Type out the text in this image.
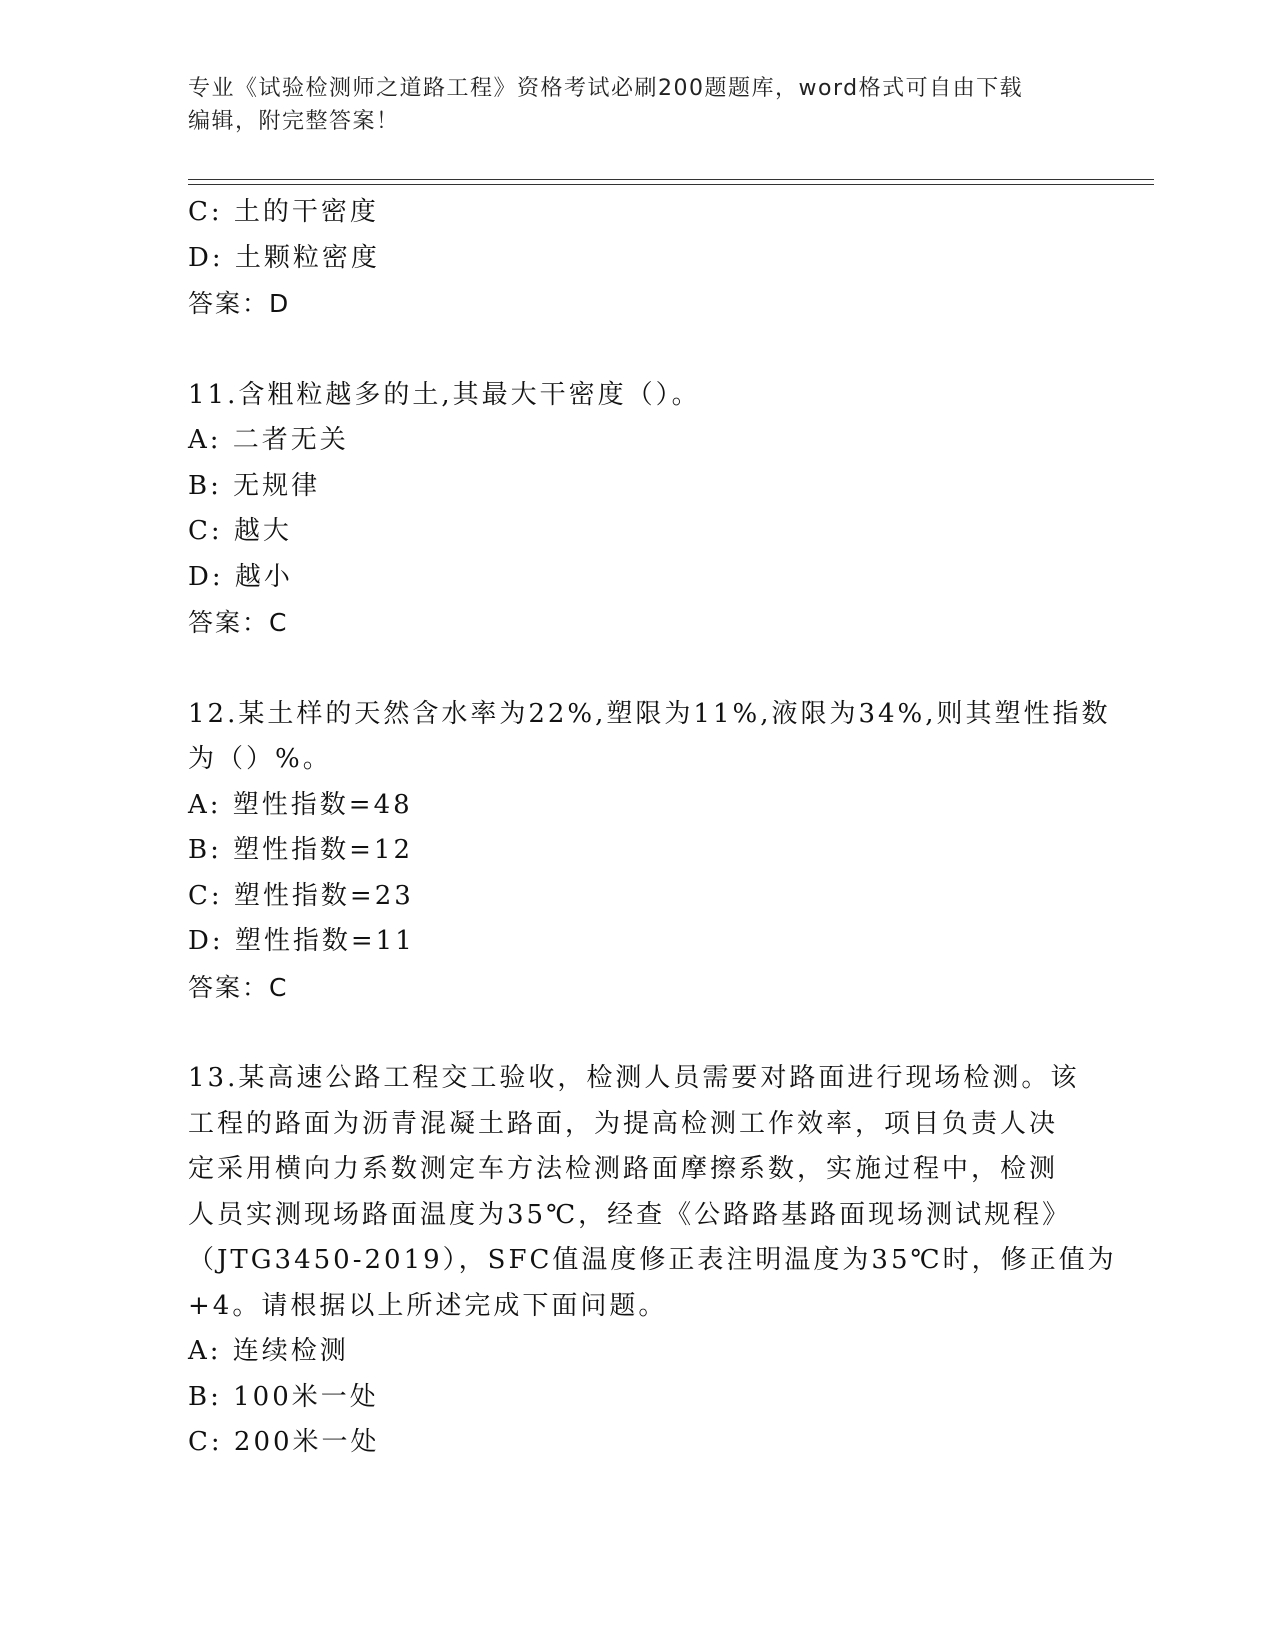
专业《试验检测师之道路工程》资格考试必刷200题题库，word格式可自由下载
编辑，附完整答案！
C: 土的干密度
D: 土颗粒密度
答案：D
11.含粗粒越多的土,其最大干密度（）。
A: 二者无关
B: 无规律
C: 越大
D: 越小
答案：C
12.某土样的天然含水率为22%,塑限为11%,液限为34%,则其塑性指数
为（）%。
A: 塑性指数=48
B: 塑性指数=12
C: 塑性指数=23
D: 塑性指数=11
答案：C
13.某高速公路工程交工验收，检测人员需要对路面进行现场检测。该
工程的路面为沥青混凝土路面，为提高检测工作效率，项目负责人决
定采用横向力系数测定车方法检测路面摩擦系数，实施过程中，检测
人员实测现场路面温度为35℃，经查《公路路基路面现场测试规程》
（JTG3450-2019），SFC值温度修正表注明温度为35℃时，修正值为
+4。请根据以上所述完成下面问题。
A: 连续检测
B: 100米一处
C: 200米一处
